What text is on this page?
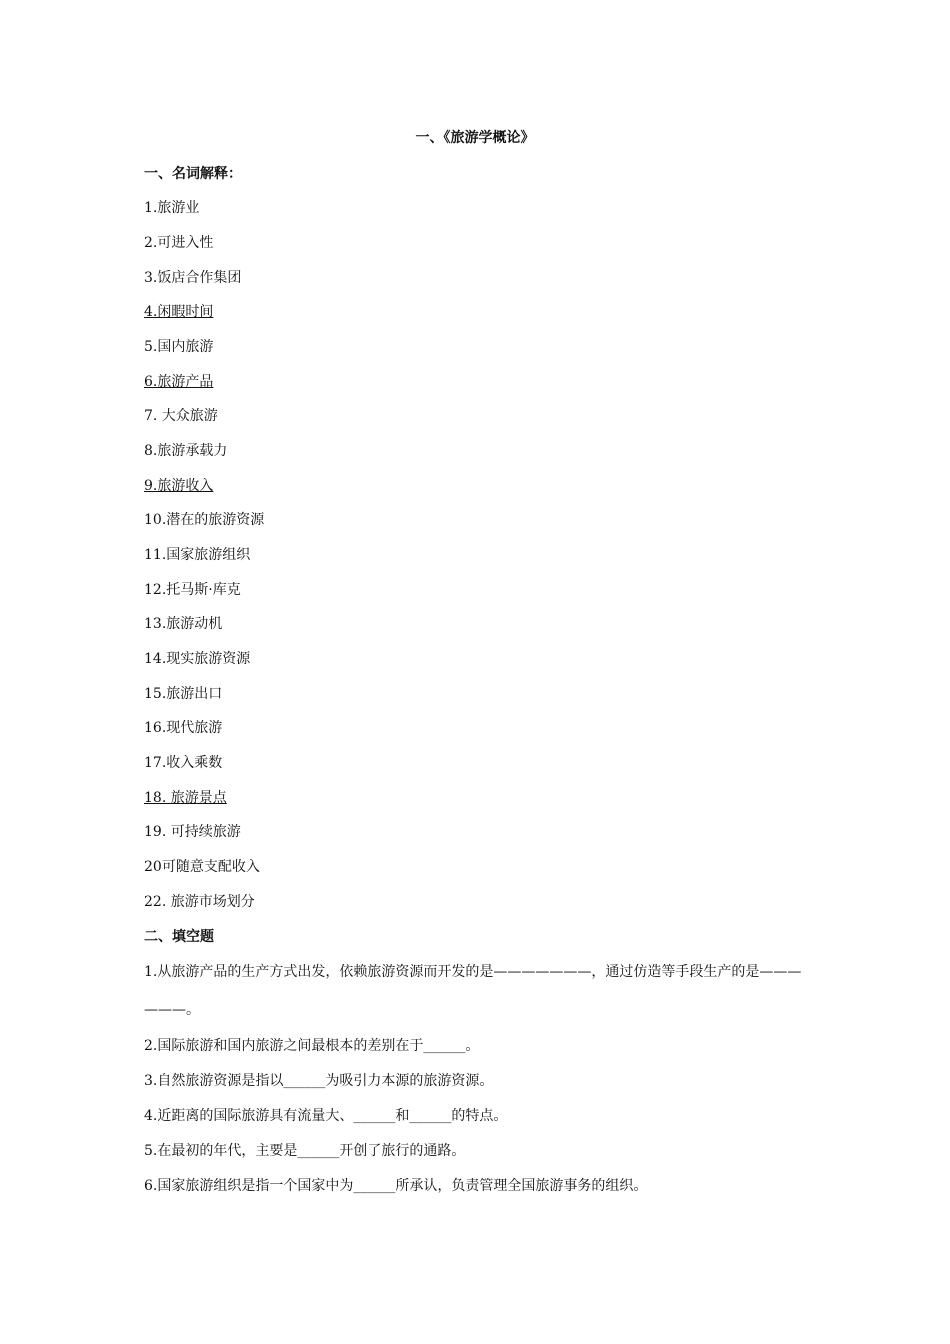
一、《旅游学概论》
一、名词解释：
1.旅游业
2.可进入性
3.饭店合作集团
4.闲暇时间
5.国内旅游
6.旅游产品
7. 大众旅游
8.旅游承载力
9.旅游收入
10.潜在的旅游资源
11.国家旅游组织
12.托马斯·库克
13.旅游动机
14.现实旅游资源
15.旅游出口
16.现代旅游
17.收入乘数
18. 旅游景点
19. 可持续旅游
20可随意支配收入
22. 旅游市场划分
二、填空题
1.从旅游产品的生产方式出发，依赖旅游资源而开发的是———————，通过仿造等手段生产的是———
———。
2.国际旅游和国内旅游之间最根本的差别在于______。
3.自然旅游资源是指以______为吸引力本源的旅游资源。
4.近距离的国际旅游具有流量大、______和______的特点。
5.在最初的年代，主要是______开创了旅行的通路。
6.国家旅游组织是指一个国家中为______所承认，负责管理全国旅游事务的组织。
